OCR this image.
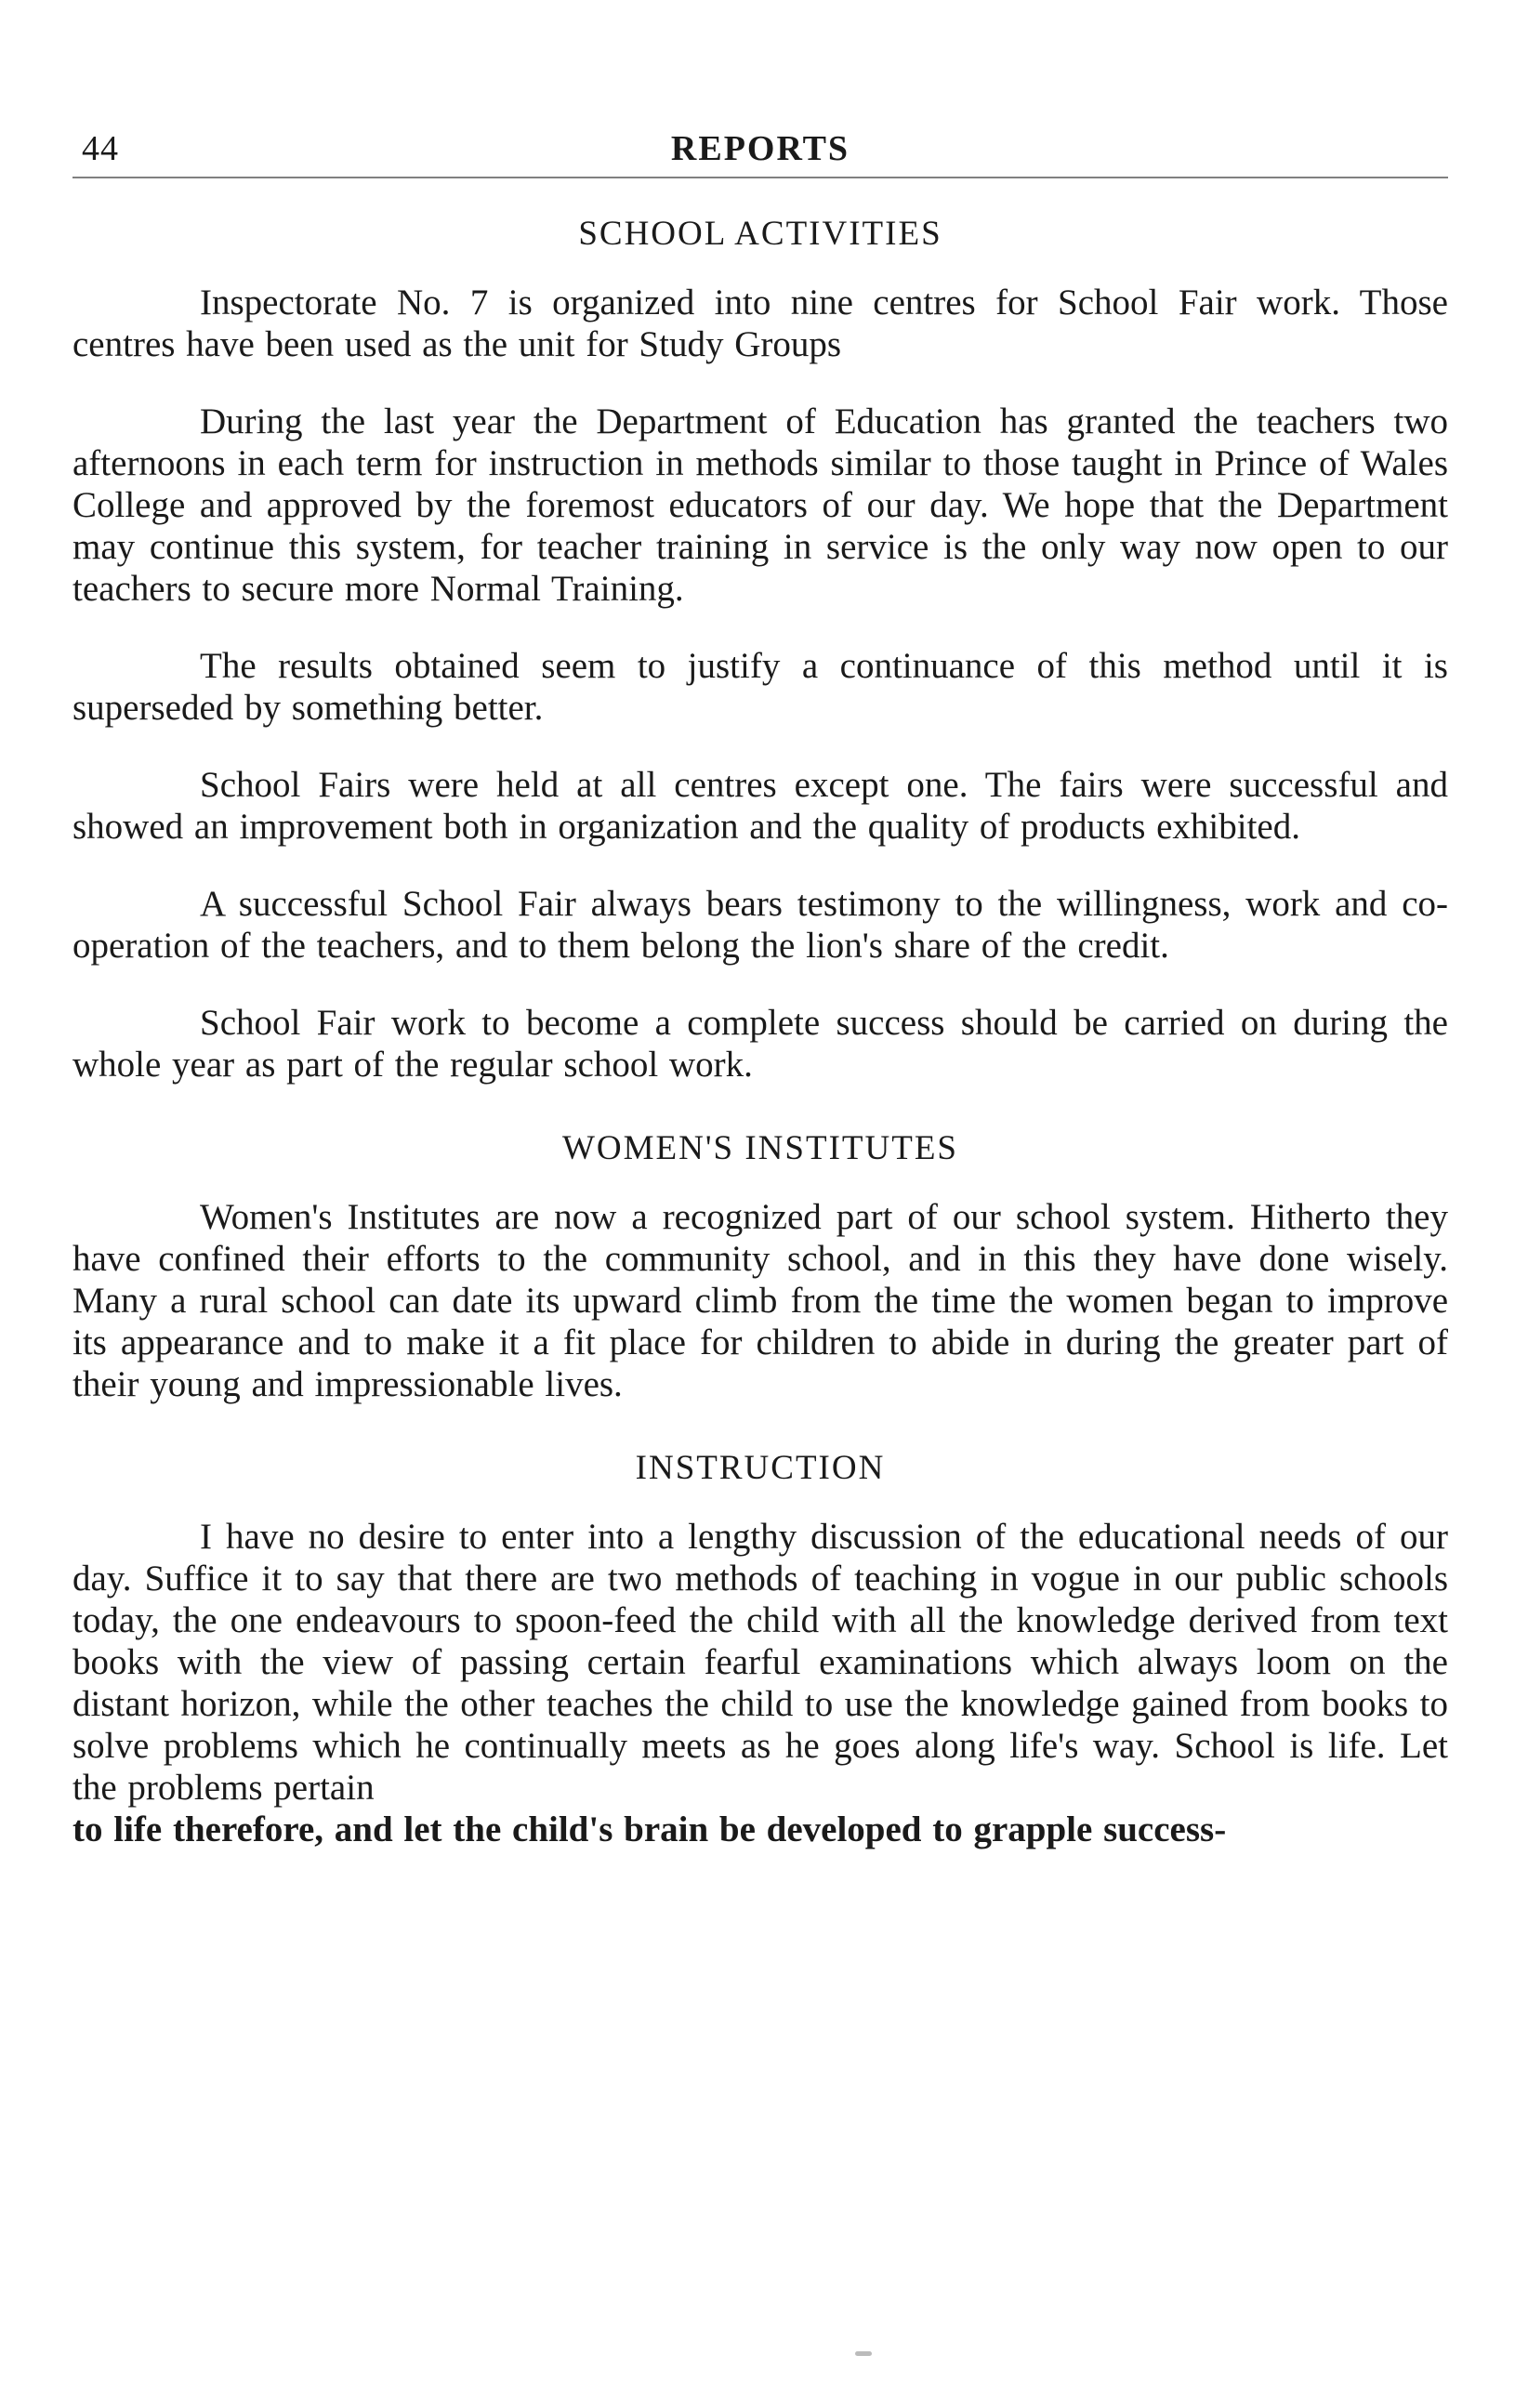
44	REPORTS
SCHOOL ACTIVITIES

Inspectorate No. 7 is organized into nine centres for School Fair work. Those centres have been used as the unit for Study Groups

During the last year the Department of Education has granted the teachers two afternoons in each term for instruction in methods similar to those taught in Prince of Wales College and approved by the foremost educators of our day. We hope that the Department may continue this system, for teacher training in service is the only way now open to our teachers to secure more Normal Training.

The results obtained seem to justify a continuance of this method until it is superseded by something better.

School Fairs were held at all centres except one. The fairs were successful and showed an improvement both in organization and the quality of products exhibited.

A successful School Fair always bears testimony to the willingness, work and co-operation of the teachers, and to them belong the lion's share of the credit.

School Fair work to become a complete success should be carried on during the whole year as part of the regular school work.

WOMEN'S INSTITUTES

Women's Institutes are now a recognized part of our school system. Hitherto they have confined their efforts to the community school, and in this they have done wisely. Many a rural school can date its upward climb from the time the women began to improve its appearance and to make it a fit place for children to abide in during the greater part of their young and impressionable lives.

INSTRUCTION

I have no desire to enter into a lengthy discussion of the educational needs of our day. Suffice it to say that there are two methods of teaching in vogue in our public schools today, the one endeavours to spoon-feed the child with all the knowledge derived from text books with the view of passing certain fearful examinations which always loom on the distant horizon, while the other teaches the child to use the knowledge gained from books to solve problems which he continually meets as he goes along life's way. School is life. Let the problems pertain

to life therefore, and let the child's brain be developed to grapple success-
